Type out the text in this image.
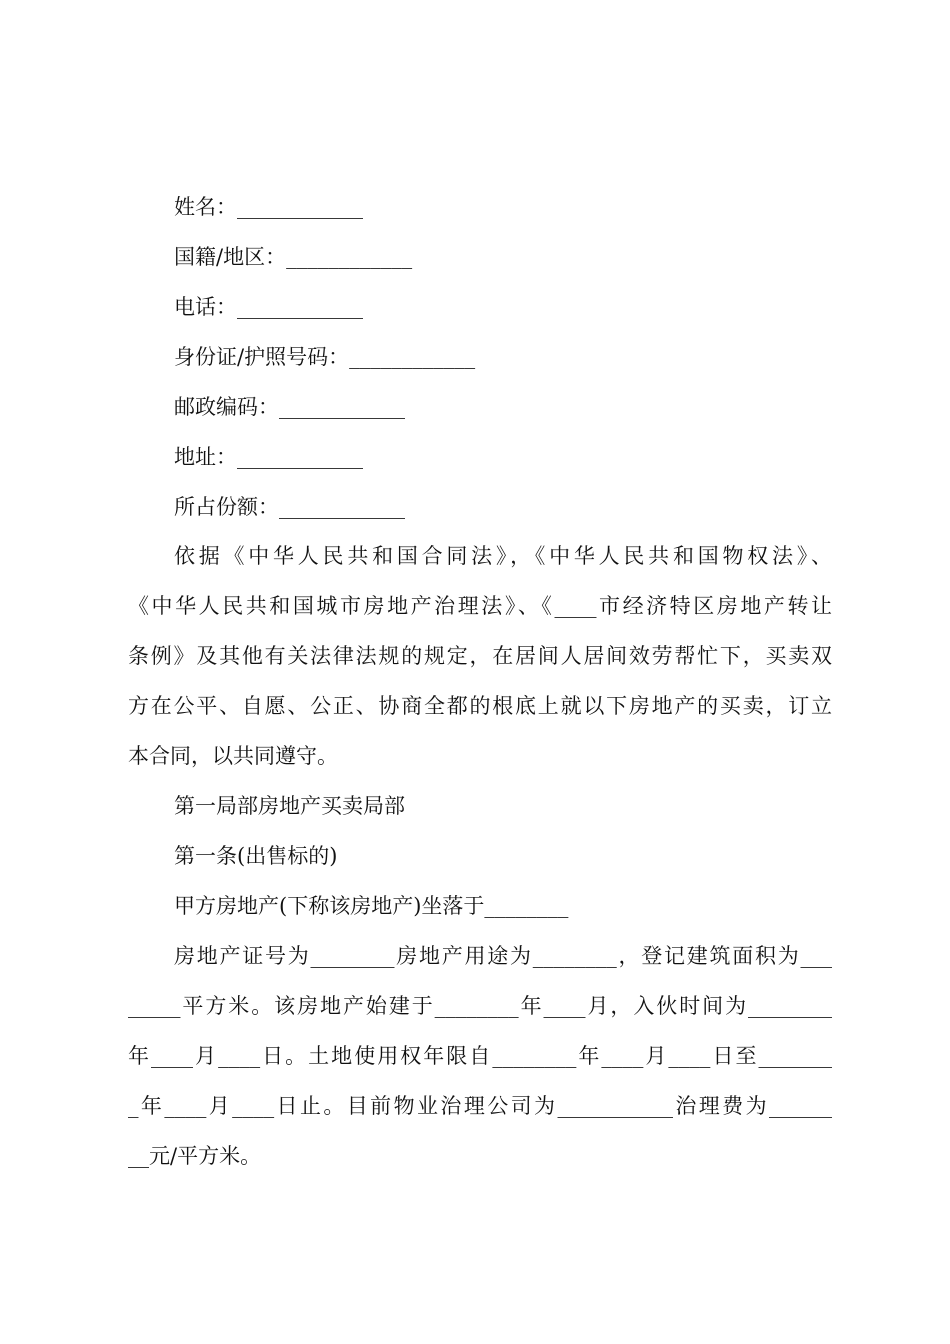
姓名：____________
国籍/地区：____________
电话：____________
身份证/护照号码：____________
邮政编码：____________
地址：____________
所占份额：____________
依据《中华人民共和国合同法》，《中华人民共和国物权法》、
《中华人民共和国城市房地产治理法》、《____市经济特区房地产转让
条例》及其他有关法律法规的规定，在居间人居间效劳帮忙下，买卖双
方在公平、自愿、公正、协商全都的根底上就以下房地产的买卖，订立
本合同，以共同遵守。
第一局部房地产买卖局部
第一条(出售标的)
甲方房地产(下称该房地产)坐落于________
房地产证号为________房地产用途为________，登记建筑面积为___
_____平方米。该房地产始建于________年____月，入伙时间为________
年____月____日。土地使用权年限自________年____月____日至_______
_年____月____日止。目前物业治理公司为___________治理费为______
__元/平方米。
